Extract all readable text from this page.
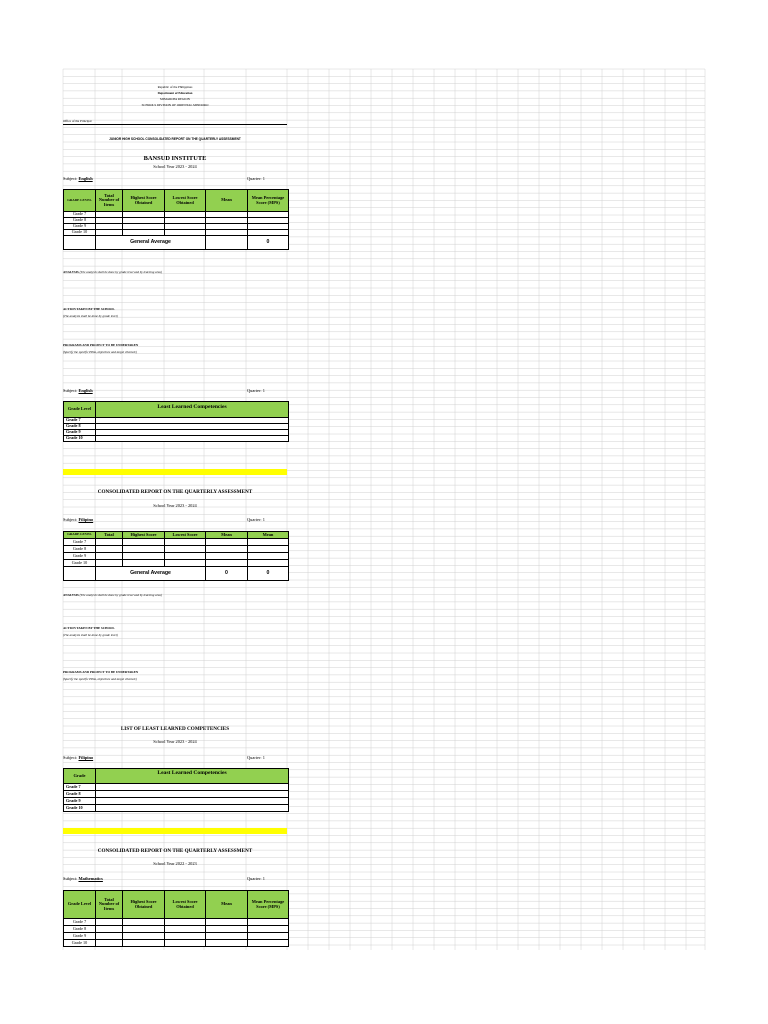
Republic of the Philippines
Department of Education
MIMAROPA REGION
SCHOOLS DIVISION OF ORIENTAL MINDORO
Office of the Principal
JUNIOR HIGH SCHOOL CONSOLIDATED REPORT ON THE QUARTERLY ASSESSMENT
BANSUD INSTITUTE
School Year 2023 - 2024
Subject: English	Quarter: 1
GRADE LEVEL	Total Number of Items	Highest Score Obtained	Lowest Score Obtained	Mean	Mean Percentage Score (MPS)
Grade 7					
Grade 8					
Grade 9					
Grade 10					
	General Average				0
ANALYSIS (The analysis shall be done by grade level and by learning area)
ACTION TAKEN BY THE SCHOOL
(The analysis shall be done by grade level)
PROGRAMS AND PROJECT TO BE UNDERTAKEN
(Specify the specific PPAs, objectives and target clientele)
Subject: English	Quarter: 1
Grade Level	Least Learned Competencies
Grade 7	
Grade 8	
Grade 9	
Grade 10	
CONSOLIDATED REPORT ON THE QUARTERLY ASSESSMENT
School Year 2023 - 2024
Subject: Filipino	Quarter: 1
GRADE LEVEL	Total	Highest Score	Lowest Score	Mean	Mean
Grade 7					
Grade 8					
Grade 9					
Grade 10					
	General Average			0	0
ANALYSIS (The analysis shall be done by grade level and by learning area)
ACTION TAKEN BY THE SCHOOL
(The analysis shall be done by grade level)
PROGRAMS AND PROJECT TO BE UNDERTAKEN
(Specify the specific PPAs, objectives and target clientele)
LIST OF LEAST LEARNED COMPETENCIES
School Year 2023 - 2024
Subject: Filipino	Quarter: 1
Grade	Least Learned Competencies
Grade 7	
Grade 8	
Grade 9	
Grade 10	
CONSOLIDATED REPORT ON THE QUARTERLY ASSESSMENT
School Year 2022 - 2023
Subject: Mathematics	Quarter: 1
Grade Level	Total Number of Items	Highest Score Obtained	Lowest Score Obtained	Mean	Mean Percentage Score (MPS)
Grade 7					
Grade 8					
Grade 9					
Grade 10					
